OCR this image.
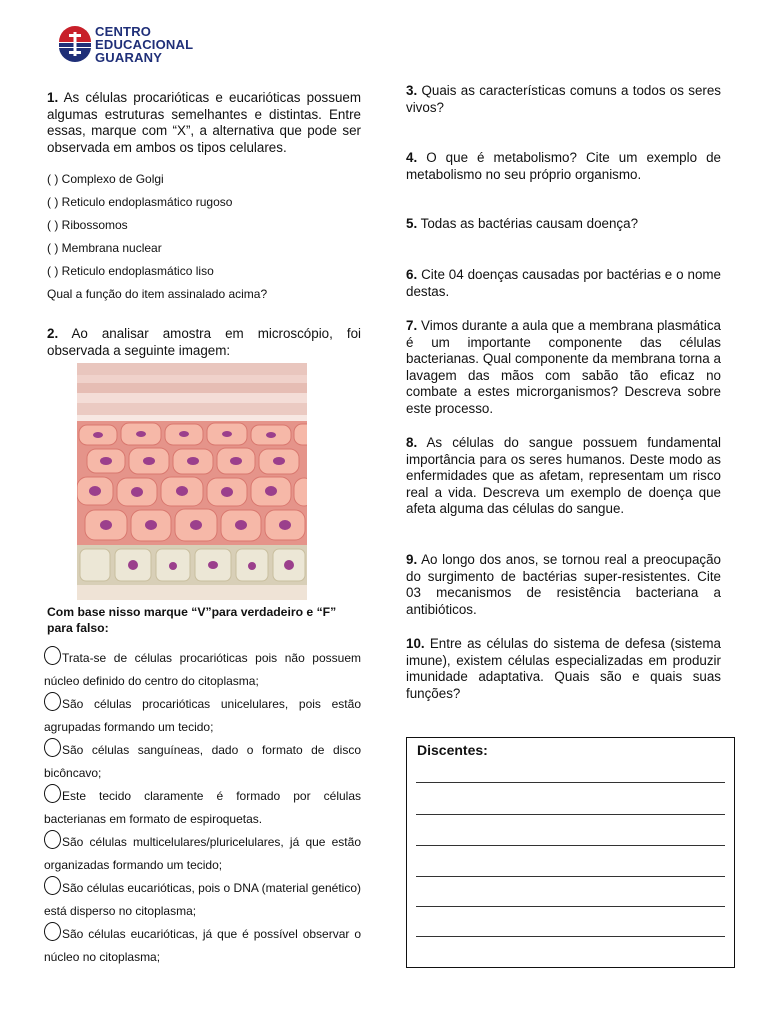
CENTRO
EDUCACIONAL
GUARANY
1. As células procarióticas e eucarióticas possuem algumas estruturas semelhantes e distintas. Entre essas, marque com “X”, a alternativa que pode ser observada em ambos os tipos celulares.
( ) Complexo de Golgi
( ) Reticulo endoplasmático rugoso
( ) Ribossomos
( ) Membrana nuclear
( ) Reticulo endoplasmático liso
Qual a função do item assinalado acima?
2. Ao analisar amostra em microscópio, foi observada a seguinte imagem:
Com base nisso marque “V”para verdadeiro e “F” para falso:
Trata-se de células procarióticas pois não possuem núcleo definido do centro do citoplasma;
São células procarióticas unicelulares, pois estão agrupadas formando um tecido;
São células sanguíneas, dado o formato de disco bicôncavo;
Este tecido claramente é formado por células bacterianas em formato de espiroquetas.
São células multicelulares/pluricelulares, já que estão organizadas formando um tecido;
São células eucarióticas, pois o DNA (material genético) está disperso no citoplasma;
São células eucarióticas, já que é possível observar o núcleo no citoplasma;
3. Quais as características comuns a todos os seres vivos?
4. O que é metabolismo? Cite um exemplo de metabolismo no seu próprio organismo.
5. Todas as bactérias causam doença?
6. Cite 04 doenças causadas por bactérias e o nome destas.
7. Vimos durante a aula que a membrana plasmática é um importante componente das células bacterianas. Qual componente da membrana torna a lavagem das mãos com sabão tão eficaz no combate a estes microrganismos? Descreva sobre este processo.
8. As células do sangue possuem fundamental importância para os seres humanos. Deste modo as enfermidades que as afetam, representam um risco real a vida. Descreva um exemplo de doença que afeta alguma das células do sangue.
9. Ao longo dos anos, se tornou real a preocupação do surgimento de bactérias super-resistentes. Cite 03 mecanismos de resistência bacteriana a antibióticos.
10. Entre as células do sistema de defesa (sistema imune), existem células especializadas em produzir imunidade adaptativa. Quais são e quais suas funções?
Discentes:
